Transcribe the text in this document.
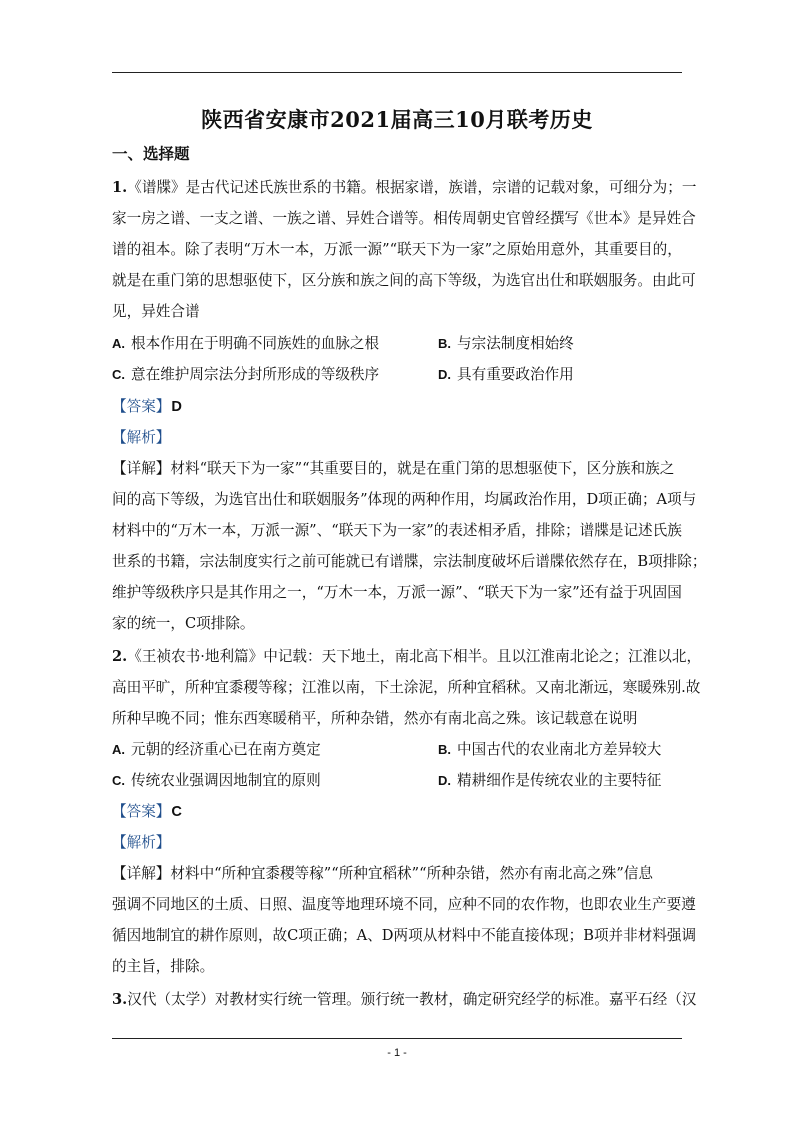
陕西省安康市2021届高三10月联考历史
一、选择题
1.《谱牒》是古代记述氏族世系的书籍。根据家谱，族谱，宗谱的记载对象，可细分为；一
家一房之谱、一支之谱、一族之谱、异姓合谱等。相传周朝史官曾经撰写《世本》是异姓合
谱的祖本。除了表明“万木一本，万派一源”“联天下为一家”之原始用意外，其重要目的，
就是在重门第的思想驱使下，区分族和族之间的高下等级，为选官出仕和联姻服务。由此可
见，异姓合谱
A. 根本作用在于明确不同族姓的血脉之根	B. 与宗法制度相始终
C. 意在维护周宗法分封所形成的等级秩序	D. 具有重要政治作用
【答案】D
【解析】
【详解】材料“联天下为一家”“其重要目的，就是在重门第的思想驱使下，区分族和族之
间的高下等级，为选官出仕和联姻服务”体现的两种作用，均属政治作用，D项正确；A项与
材料中的“万木一本，万派一源”、“联天下为一家”的表述相矛盾，排除；谱牒是记述氏族
世系的书籍，宗法制度实行之前可能就已有谱牒，宗法制度破坏后谱牒依然存在，B项排除；
维护等级秩序只是其作用之一，“万木一本，万派一源”、“联天下为一家”还有益于巩固国
家的统一，C项排除。
2.《王祯农书·地利篇》中记载：天下地土，南北高下相半。且以江淮南北论之；江淮以北，
高田平旷，所种宜黍稷等稼；江淮以南，下土涂泥，所种宜稻秫。又南北渐远，寒暖殊别.故
所种早晚不同；惟东西寒暖稍平，所种杂错，然亦有南北高之殊。该记载意在说明
A. 元朝的经济重心已在南方奠定	B. 中国古代的农业南北方差异较大
C. 传统农业强调因地制宜的原则	D. 精耕细作是传统农业的主要特征
【答案】C
【解析】
【详解】材料中“所种宜黍稷等稼”“所种宜稻秫”“所种杂错，然亦有南北高之殊”信息
强调不同地区的土质、日照、温度等地理环境不同，应种不同的农作物，也即农业生产要遵
循因地制宜的耕作原则，故C项正确；A、D两项从材料中不能直接体现；B项并非材料强调
的主旨，排除。
3.汉代（太学）对教材实行统一管理。颁行统一教材，确定研究经学的标准。嘉平石经（汉
- 1 -
